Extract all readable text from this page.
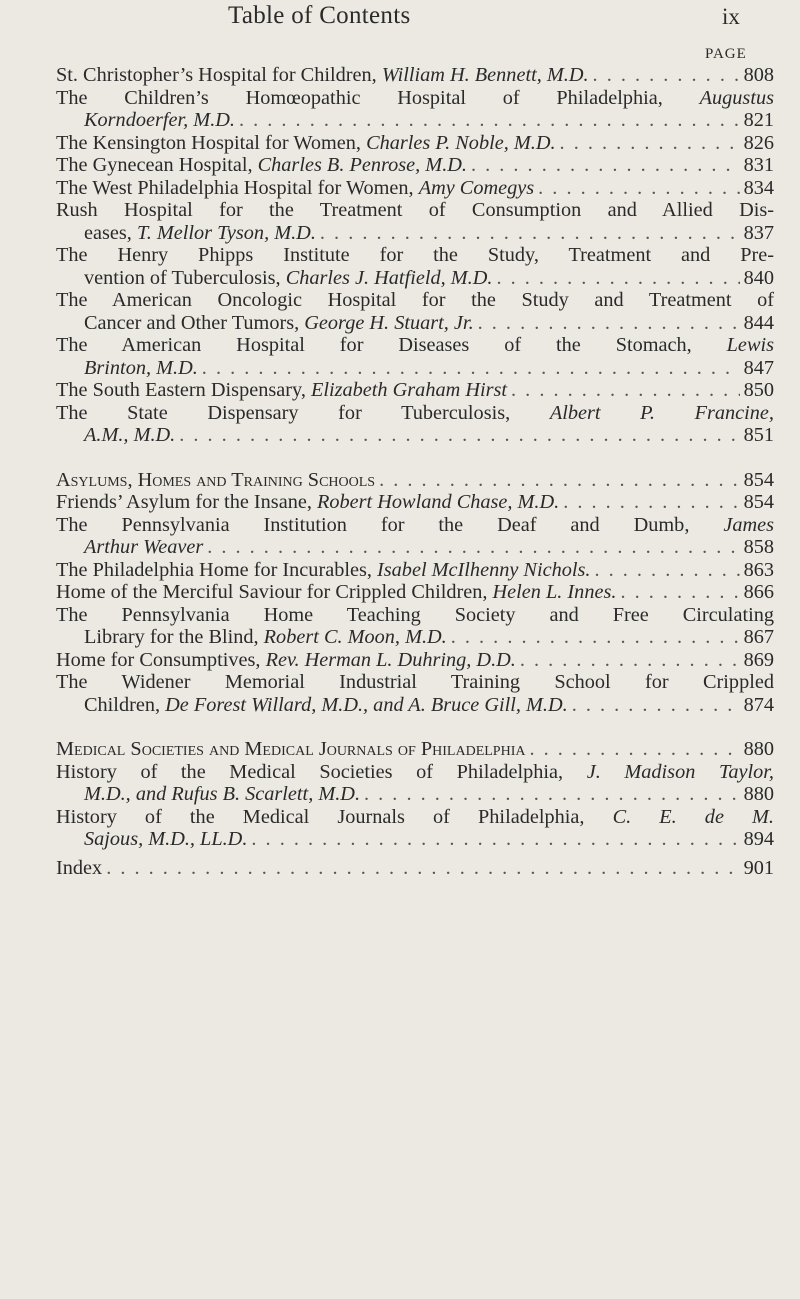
Table of Contents	ix
PAGE
St. Christopher’s Hospital for Children, William H. Bennett, M.D. . . .	808
The Children’s Homœopathic Hospital of Philadelphia, Augustus
Korndoerfer, M.D. . . .	821
The Kensington Hospital for Women, Charles P. Noble, M.D. . . .	826
The Gynecean Hospital, Charles B. Penrose, M.D. . . .	831
The West Philadelphia Hospital for Women, Amy Comegys . . .	834
Rush Hospital for the Treatment of Consumption and Allied Dis-
eases, T. Mellor Tyson, M.D. . . .	837
The Henry Phipps Institute for the Study, Treatment and Pre-
vention of Tuberculosis, Charles J. Hatfield, M.D. . . .	840
The American Oncologic Hospital for the Study and Treatment of
Cancer and Other Tumors, George H. Stuart, Jr. . . .	844
The American Hospital for Diseases of the Stomach, Lewis
Brinton, M.D. . . .	847
The South Eastern Dispensary, Elizabeth Graham Hirst . . .	850
The State Dispensary for Tuberculosis, Albert P. Francine,
A.M., M.D. . . .	851
Asylums, Homes and Training Schools . . .	854
Friends’ Asylum for the Insane, Robert Howland Chase, M.D. . . .	854
The Pennsylvania Institution for the Deaf and Dumb, James
Arthur Weaver . . .	858
The Philadelphia Home for Incurables, Isabel McIlhenny Nichols. . . .	863
Home of the Merciful Saviour for Crippled Children, Helen L. Innes. . . .	866
The Pennsylvania Home Teaching Society and Free Circulating
Library for the Blind, Robert C. Moon, M.D. . . .	867
Home for Consumptives, Rev. Herman L. Duhring, D.D. . . .	869
The Widener Memorial Industrial Training School for Crippled
Children, De Forest Willard, M.D., and A. Bruce Gill, M.D. . . .	874
Medical Societies and Medical Journals of Philadelphia . . .	880
History of the Medical Societies of Philadelphia, J. Madison Taylor,
M.D., and Rufus B. Scarlett, M.D. . . .	880
History of the Medical Journals of Philadelphia, C. E. de M.
Sajous, M.D., LL.D. . . .	894
Index . . .	901
